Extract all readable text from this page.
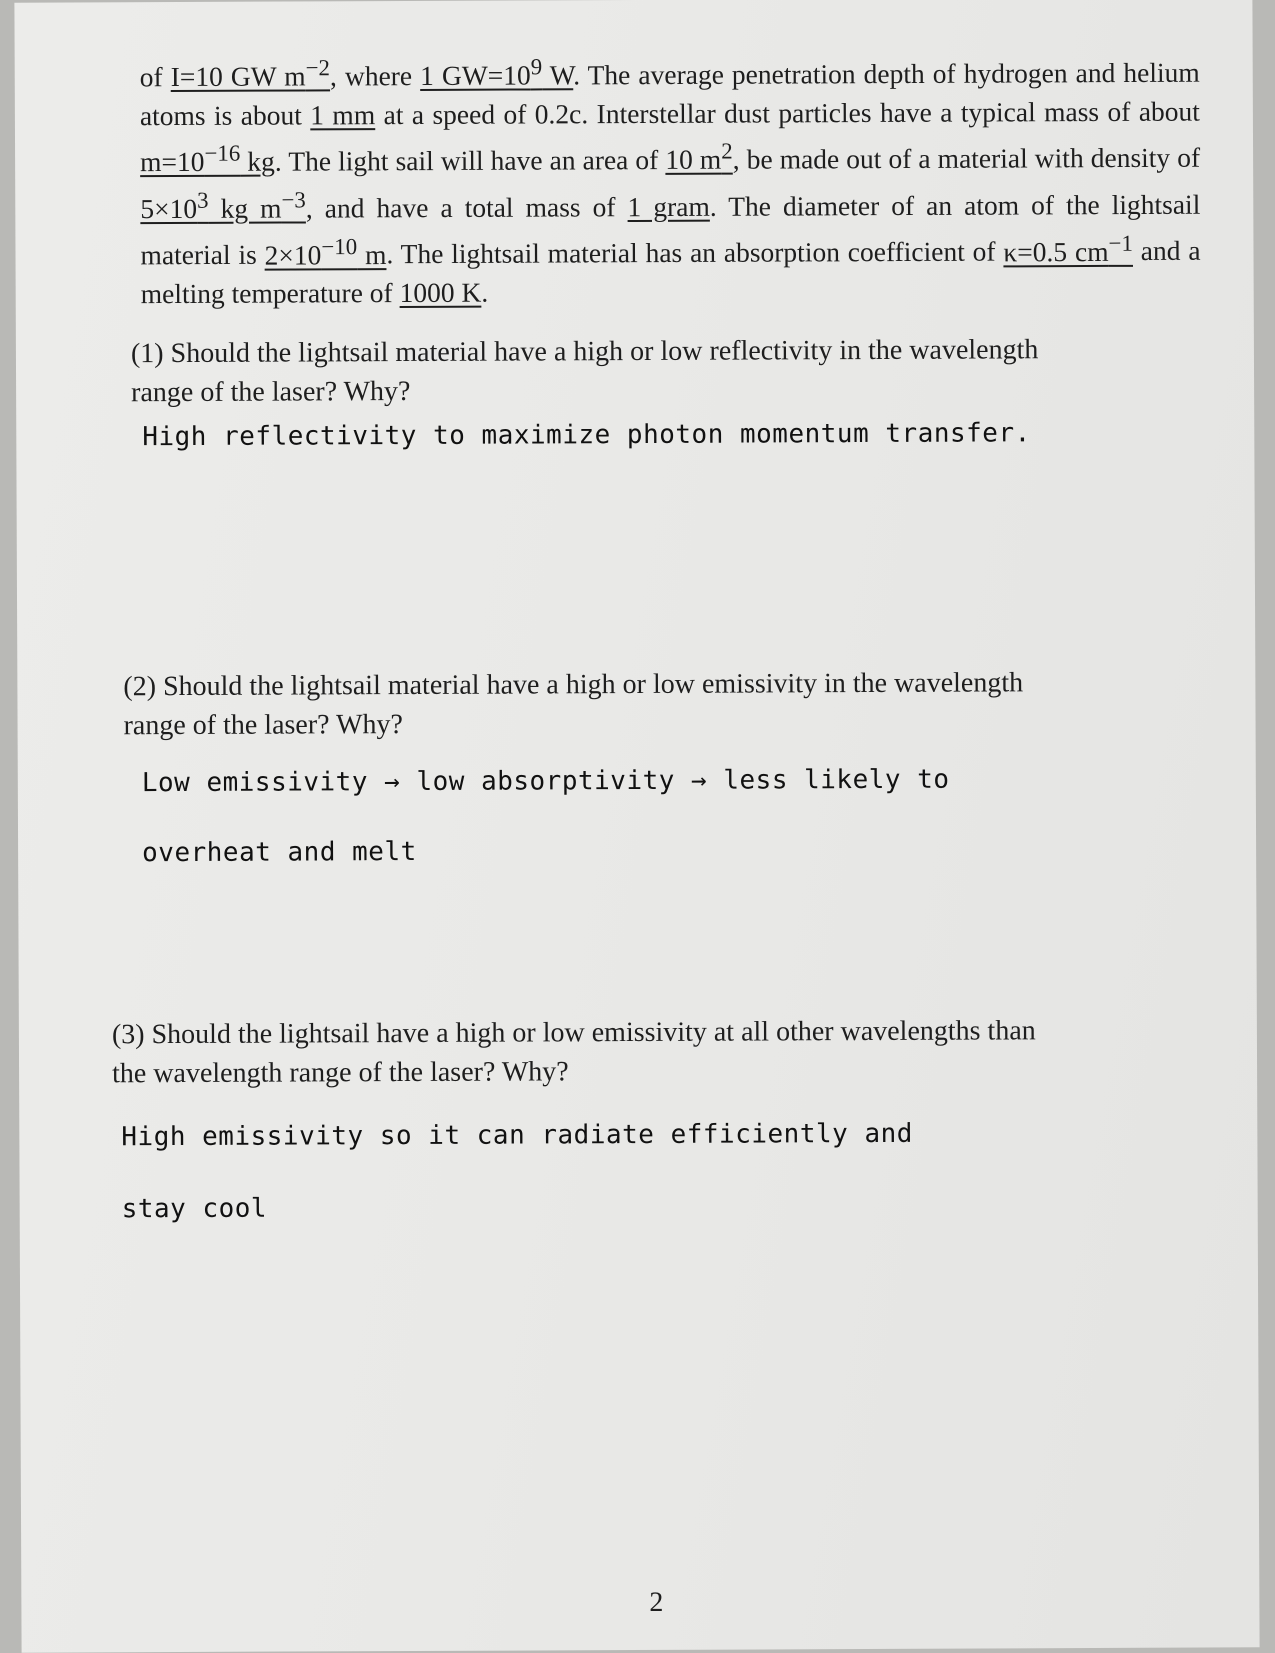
of I=10 GW $m^{-2}$, where 1 $GW=10^9$ W. The average penetration depth of hydrogen and helium atoms is about 1 mm at a speed of 0.2c. Interstellar dust particles have a typical mass of about $m=10^{-16}$ kg. The light sail will have an area of 10 $m^2$, be made out of a material with density of $5\times 10^3$ kg $m^{-3}$, and have a total mass of 1 gram. The diameter of an atom of the lightsail material is $2\times 10^{-10}$ m. The lightsail material has an absorption coefficient of κ=0.5 $cm^{-1}$ and a melting temperature of 1000 K.

(1) Should the lightsail material have a high or low reflectivity in the wavelength

range of the laser? Why?

High reflectivity to maximize photon momentum transfer.

(2) Should the lightsail material have a high or low emissivity in the wavelength

range of the laser? Why?

Low emissivity → low absorptivity → less likely to

overheat and melt

(3) Should the lightsail have a high or low emissivity at all other wavelengths than

the wavelength range of the laser? Why?

High emissivity so it can radiate efficiently and

stay cool

2
